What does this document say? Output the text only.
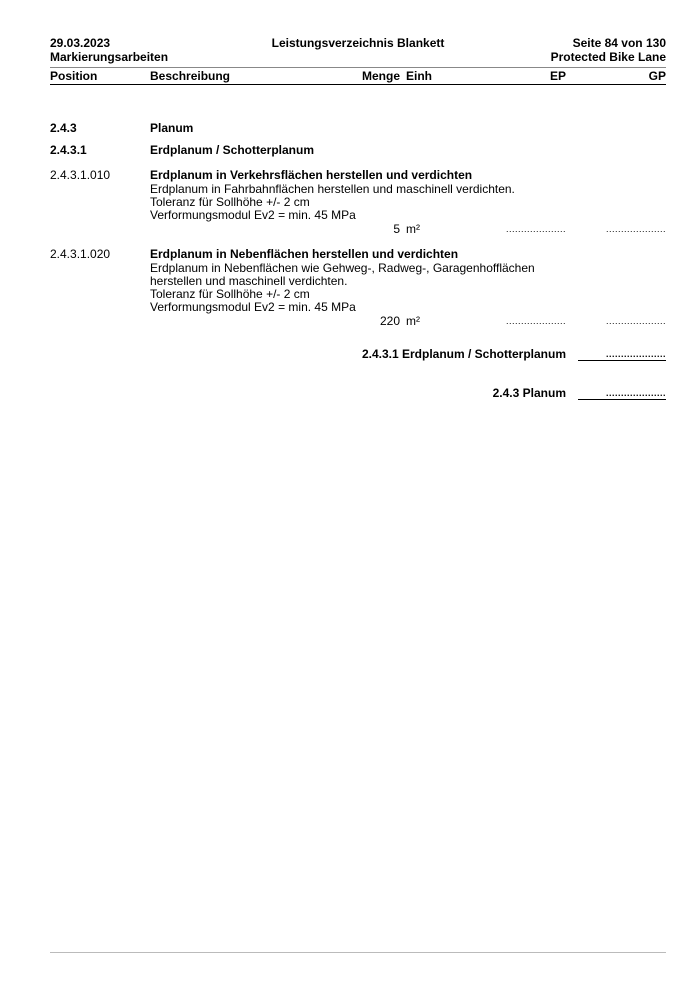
29.03.2023
Markierungsarbeiten
Leistungsverzeichnis Blankett	Seite 84 von 130
Protected Bike Lane
Position	Beschreibung	Menge Einh	EP	GP
2.4.3	Planum
2.4.3.1	Erdplanum / Schotterplanum
2.4.3.1.010	Erdplanum in Verkehrsflächen herstellen und verdichten
Erdplanum in Fahrbahnflächen herstellen und maschinell verdichten.
Toleranz für Sollhöhe +/- 2 cm
Verformungsmodul Ev2 = min. 45 MPa
5 m²	....................	....................
2.4.3.1.020	Erdplanum in Nebenflächen herstellen und verdichten
Erdplanum in Nebenflächen wie Gehweg-, Radweg-, Garagenhofflächen
herstellen und maschinell verdichten.
Toleranz für Sollhöhe +/- 2 cm
Verformungsmodul Ev2 = min. 45 MPa
220 m²	....................	....................
2.4.3.1 Erdplanum / Schotterplanum	....................
2.4.3 Planum	....................
